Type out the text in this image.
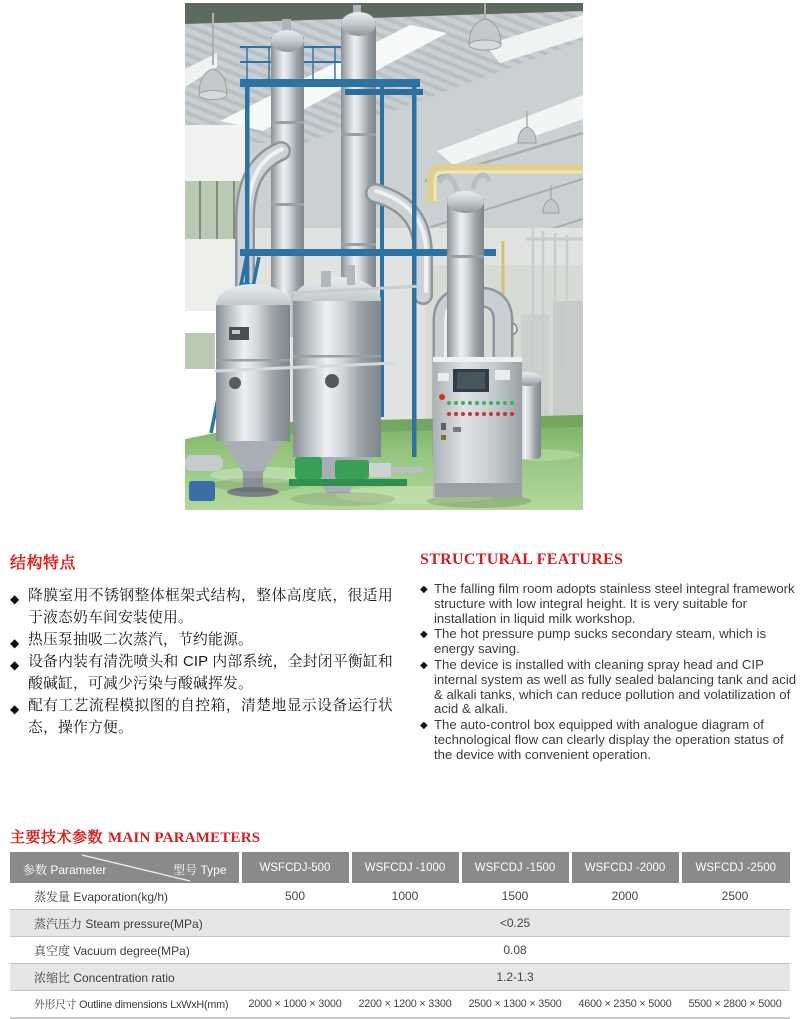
结构特点
◆ 降膜室用不锈钢整体框架式结构，整体高度底，很适用于液态奶车间安装使用。
◆ 热压泵抽吸二次蒸汽，节约能源。
◆ 设备内装有清洗喷头和 CIP 内部系统，全封闭平衡缸和酸碱缸，可减少污染与酸碱挥发。
◆ 配有工艺流程模拟图的自控箱，清楚地显示设备运行状态，操作方便。
STRUCTURAL FEATURES
◆ The falling film room adopts stainless steel integral framework structure with low integral height. It is very suitable for installation in liquid milk workshop.
◆ The hot pressure pump sucks secondary steam, which is energy saving.
◆ The device is installed with cleaning spray head and CIP internal system as well as fully sealed balancing tank and acid & alkali tanks, which can reduce pollution and volatilization of acid & alkali.
◆ The auto-control box equipped with analogue diagram of technological flow can clearly display the operation status of the device with convenient operation.
主要技术参数 MAIN PARAMETERS
参数 Parameter 型号 Type	WSFCDJ-500	WSFCDJ -1000	WSFCDJ -1500	WSFCDJ -2000	WSFCDJ -2500
蒸发量 Evaporation(kg/h)	500	1000	1500	2000	2500
蒸汽压力 Steam pressure(MPa)	<0.25				
真空度 Vacuum degree(MPa)	0.08				
浓缩比 Concentration ratio	1.2-1.3				
外形尺寸 Outline dimensions LxWxH(mm)	2000 × 1000 × 3000	2200 × 1200 × 3300	2500 × 1300 × 3500	4600 × 2350 × 5000	5500 × 2800 × 5000
